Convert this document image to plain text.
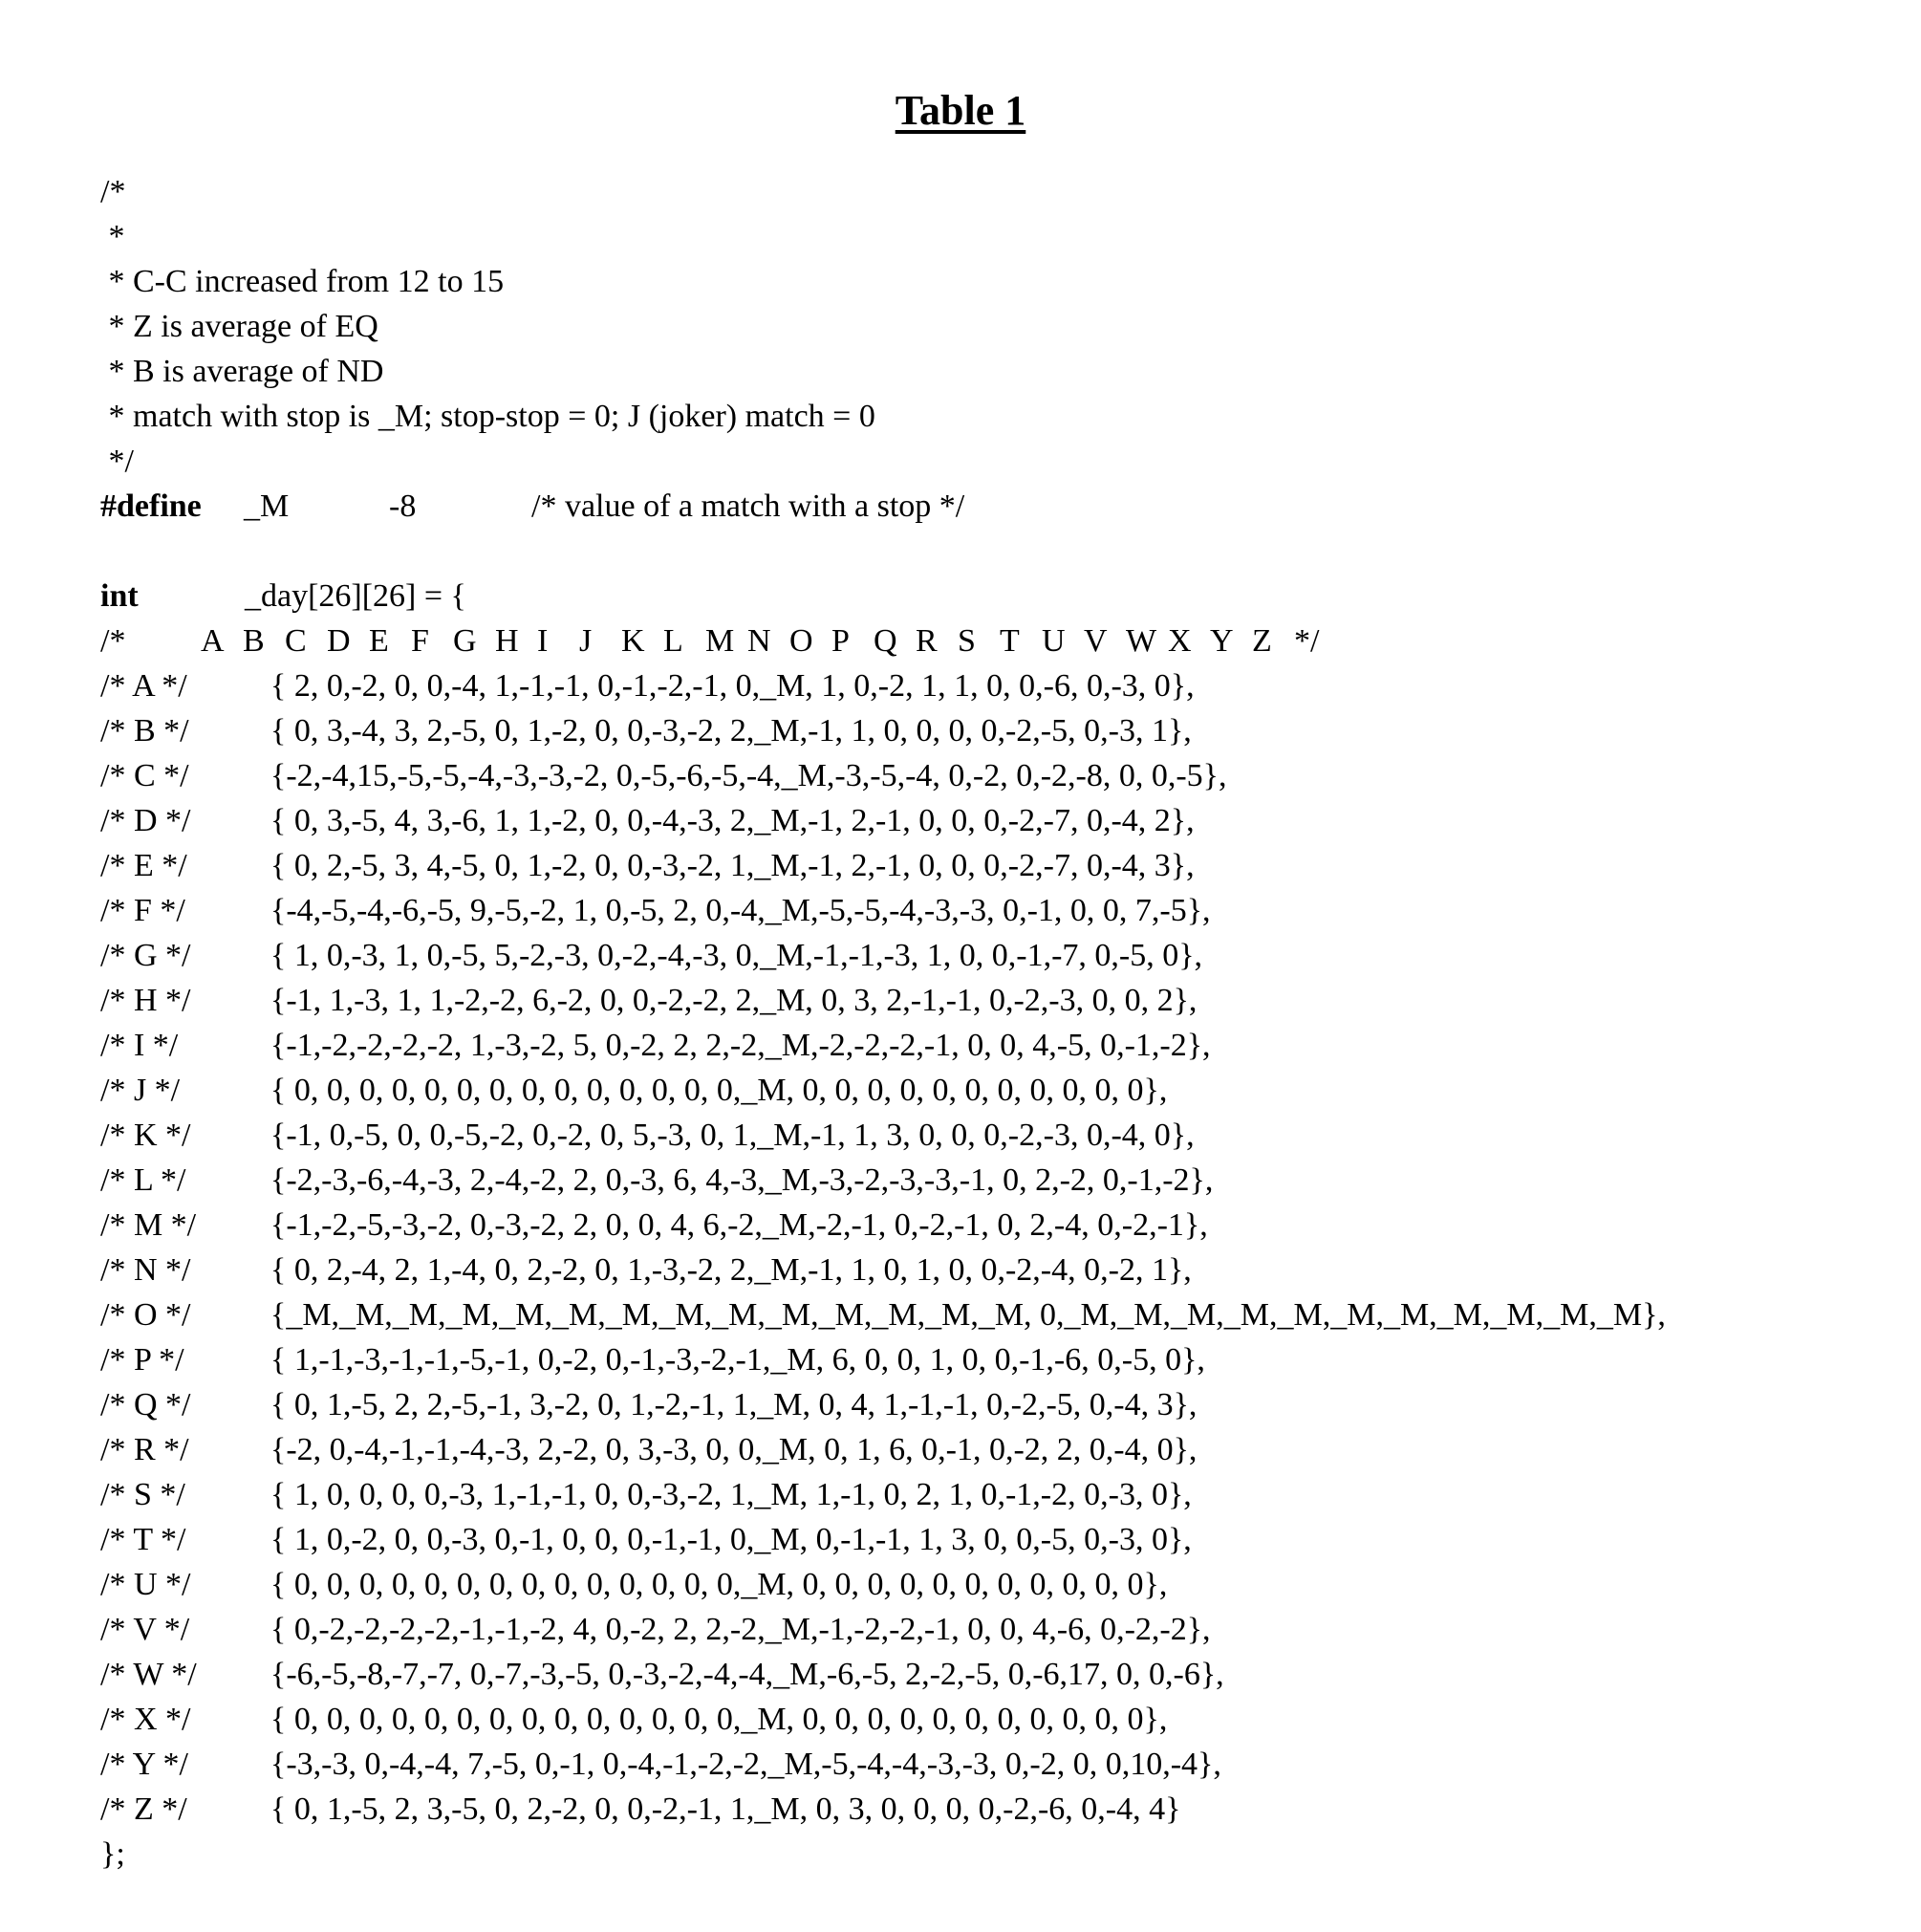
Table 1
/*
*
* C-C increased from 12 to 15
* Z is average of EQ
* B is average of ND
* match with stop is _M; stop-stop = 0; J (joker) match = 0
*/
#define	_M	-8	/* value of a match with a stop */
int	_day[26][26] = {
/*	A B C D E F G H I J K L M N O P Q R S T U V W X Y Z */
/* A */	{ 2, 0,-2, 0, 0,-4, 1,-1,-1, 0,-1,-2,-1, 0,_M, 1, 0,-2, 1, 1, 0, 0,-6, 0,-3, 0},
/* B */	{ 0, 3,-4, 3, 2,-5, 0, 1,-2, 0, 0,-3,-2, 2,_M,-1, 1, 0, 0, 0, 0,-2,-5, 0,-3, 1},
/* C */	{-2,-4,15,-5,-5,-4,-3,-3,-2, 0,-5,-6,-5,-4,_M,-3,-5,-4, 0,-2, 0,-2,-8, 0, 0,-5},
/* D */	{ 0, 3,-5, 4, 3,-6, 1, 1,-2, 0, 0,-4,-3, 2,_M,-1, 2,-1, 0, 0, 0,-2,-7, 0,-4, 2},
/* E */	{ 0, 2,-5, 3, 4,-5, 0, 1,-2, 0, 0,-3,-2, 1,_M,-1, 2,-1, 0, 0, 0,-2,-7, 0,-4, 3},
/* F */	{-4,-5,-4,-6,-5, 9,-5,-2, 1, 0,-5, 2, 0,-4,_M,-5,-5,-4,-3,-3, 0,-1, 0, 0, 7,-5},
/* G */	{ 1, 0,-3, 1, 0,-5, 5,-2,-3, 0,-2,-4,-3, 0,_M,-1,-1,-3, 1, 0, 0,-1,-7, 0,-5, 0},
/* H */	{-1, 1,-3, 1, 1,-2,-2, 6,-2, 0, 0,-2,-2, 2,_M, 0, 3, 2,-1,-1, 0,-2,-3, 0, 0, 2},
/* I */	{-1,-2,-2,-2,-2, 1,-3,-2, 5, 0,-2, 2, 2,-2,_M,-2,-2,-2,-1, 0, 0, 4,-5, 0,-1,-2},
/* J */	{ 0, 0, 0, 0, 0, 0, 0, 0, 0, 0, 0, 0, 0, 0,_M, 0, 0, 0, 0, 0, 0, 0, 0, 0, 0, 0},
/* K */	{-1, 0,-5, 0, 0,-5,-2, 0,-2, 0, 5,-3, 0, 1,_M,-1, 1, 3, 0, 0, 0,-2,-3, 0,-4, 0},
/* L */	{-2,-3,-6,-4,-3, 2,-4,-2, 2, 0,-3, 6, 4,-3,_M,-3,-2,-3,-3,-1, 0, 2,-2, 0,-1,-2},
/* M */	{-1,-2,-5,-3,-2, 0,-3,-2, 2, 0, 0, 4, 6,-2,_M,-2,-1, 0,-2,-1, 0, 2,-4, 0,-2,-1},
/* N */	{ 0, 2,-4, 2, 1,-4, 0, 2,-2, 0, 1,-3,-2, 2,_M,-1, 1, 0, 1, 0, 0,-2,-4, 0,-2, 1},
/* O */	{_M,_M,_M,_M,_M,_M,_M,_M,_M,_M,_M,_M,_M,_M, 0,_M,_M,_M,_M,_M,_M,_M,_M,_M,_M,_M},
/* P */	{ 1,-1,-3,-1,-1,-5,-1, 0,-2, 0,-1,-3,-2,-1,_M, 6, 0, 0, 1, 0, 0,-1,-6, 0,-5, 0},
/* Q */	{ 0, 1,-5, 2, 2,-5,-1, 3,-2, 0, 1,-2,-1, 1,_M, 0, 4, 1,-1,-1, 0,-2,-5, 0,-4, 3},
/* R */	{-2, 0,-4,-1,-1,-4,-3, 2,-2, 0, 3,-3, 0, 0,_M, 0, 1, 6, 0,-1, 0,-2, 2, 0,-4, 0},
/* S */	{ 1, 0, 0, 0, 0,-3, 1,-1,-1, 0, 0,-3,-2, 1,_M, 1,-1, 0, 2, 1, 0,-1,-2, 0,-3, 0},
/* T */	{ 1, 0,-2, 0, 0,-3, 0,-1, 0, 0, 0,-1,-1, 0,_M, 0,-1,-1, 1, 3, 0, 0,-5, 0,-3, 0},
/* U */	{ 0, 0, 0, 0, 0, 0, 0, 0, 0, 0, 0, 0, 0, 0,_M, 0, 0, 0, 0, 0, 0, 0, 0, 0, 0, 0},
/* V */	{ 0,-2,-2,-2,-2,-1,-1,-2, 4, 0,-2, 2, 2,-2,_M,-1,-2,-2,-1, 0, 0, 4,-6, 0,-2,-2},
/* W */	{-6,-5,-8,-7,-7, 0,-7,-3,-5, 0,-3,-2,-4,-4,_M,-6,-5, 2,-2,-5, 0,-6,17, 0, 0,-6},
/* X */	{ 0, 0, 0, 0, 0, 0, 0, 0, 0, 0, 0, 0, 0, 0,_M, 0, 0, 0, 0, 0, 0, 0, 0, 0, 0, 0},
/* Y */	{-3,-3, 0,-4,-4, 7,-5, 0,-1, 0,-4,-1,-2,-2,_M,-5,-4,-4,-3,-3, 0,-2, 0, 0,10,-4},
/* Z */	{ 0, 1,-5, 2, 3,-5, 0, 2,-2, 0, 0,-2,-1, 1,_M, 0, 3, 0, 0, 0, 0,-2,-6, 0,-4, 4}
};
